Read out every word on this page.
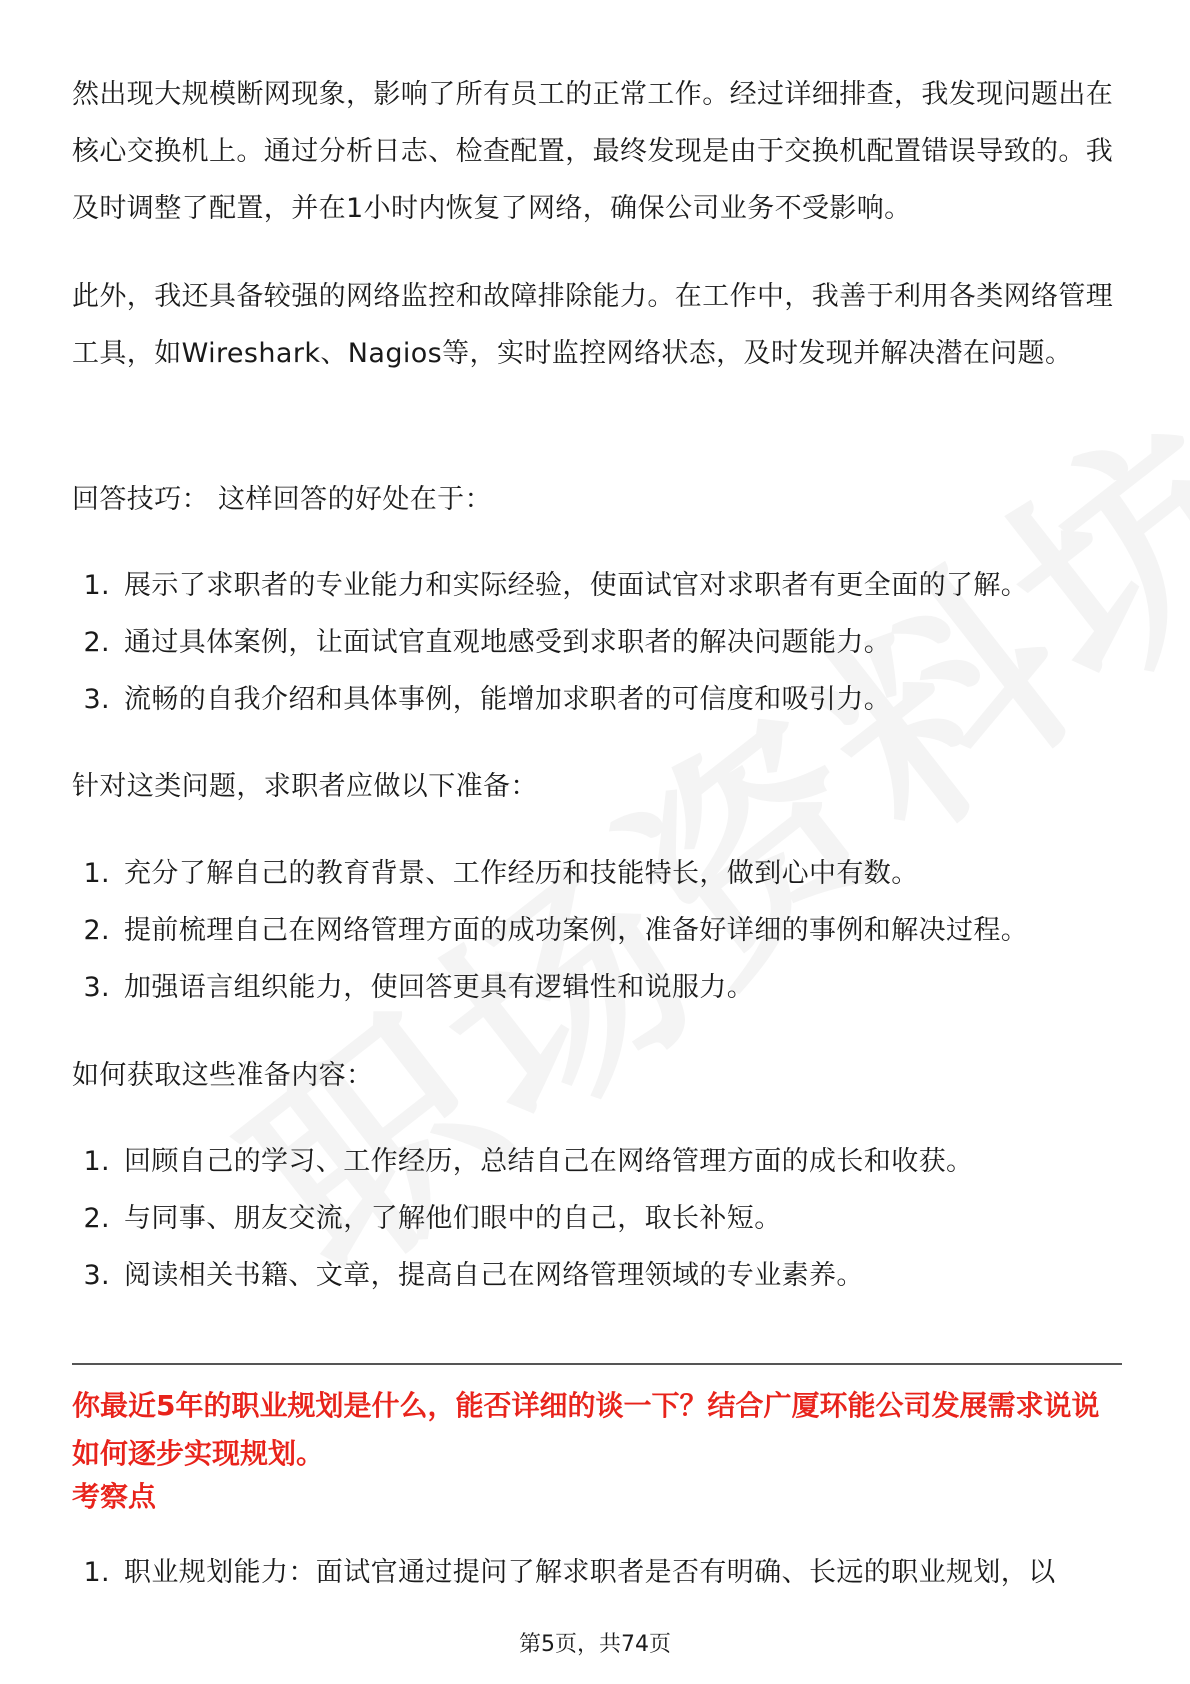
然出现大规模断网现象，影响了所有员工的正常工作。经过详细排查，我发现问题出在核心交换机上。通过分析日志、检查配置，最终发现是由于交换机配置错误导致的。我及时调整了配置，并在1小时内恢复了网络，确保公司业务不受影响。

此外，我还具备较强的网络监控和故障排除能力。在工作中，我善于利用各类网络管理工具，如Wireshark、Nagios等，实时监控网络状态，及时发现并解决潜在问题。

回答技巧： 这样回答的好处在于：

1. 展示了求职者的专业能力和实际经验，使面试官对求职者有更全面的了解。
2. 通过具体案例，让面试官直观地感受到求职者的解决问题能力。
3. 流畅的自我介绍和具体事例，能增加求职者的可信度和吸引力。

针对这类问题，求职者应做以下准备：

1. 充分了解自己的教育背景、工作经历和技能特长，做到心中有数。
2. 提前梳理自己在网络管理方面的成功案例，准备好详细的事例和解决过程。
3. 加强语言组织能力，使回答更具有逻辑性和说服力。

如何获取这些准备内容：

1. 回顾自己的学习、工作经历，总结自己在网络管理方面的成长和收获。
2. 与同事、朋友交流，了解他们眼中的自己，取长补短。
3. 阅读相关书籍、文章，提高自己在网络管理领域的专业素养。

你最近5年的职业规划是什么，能否详细的谈一下？结合广厦环能公司发展需求说说如何逐步实现规划。

考察点

1. 职业规划能力：面试官通过提问了解求职者是否有明确、长远的职业规划，以
第5页，共74页
